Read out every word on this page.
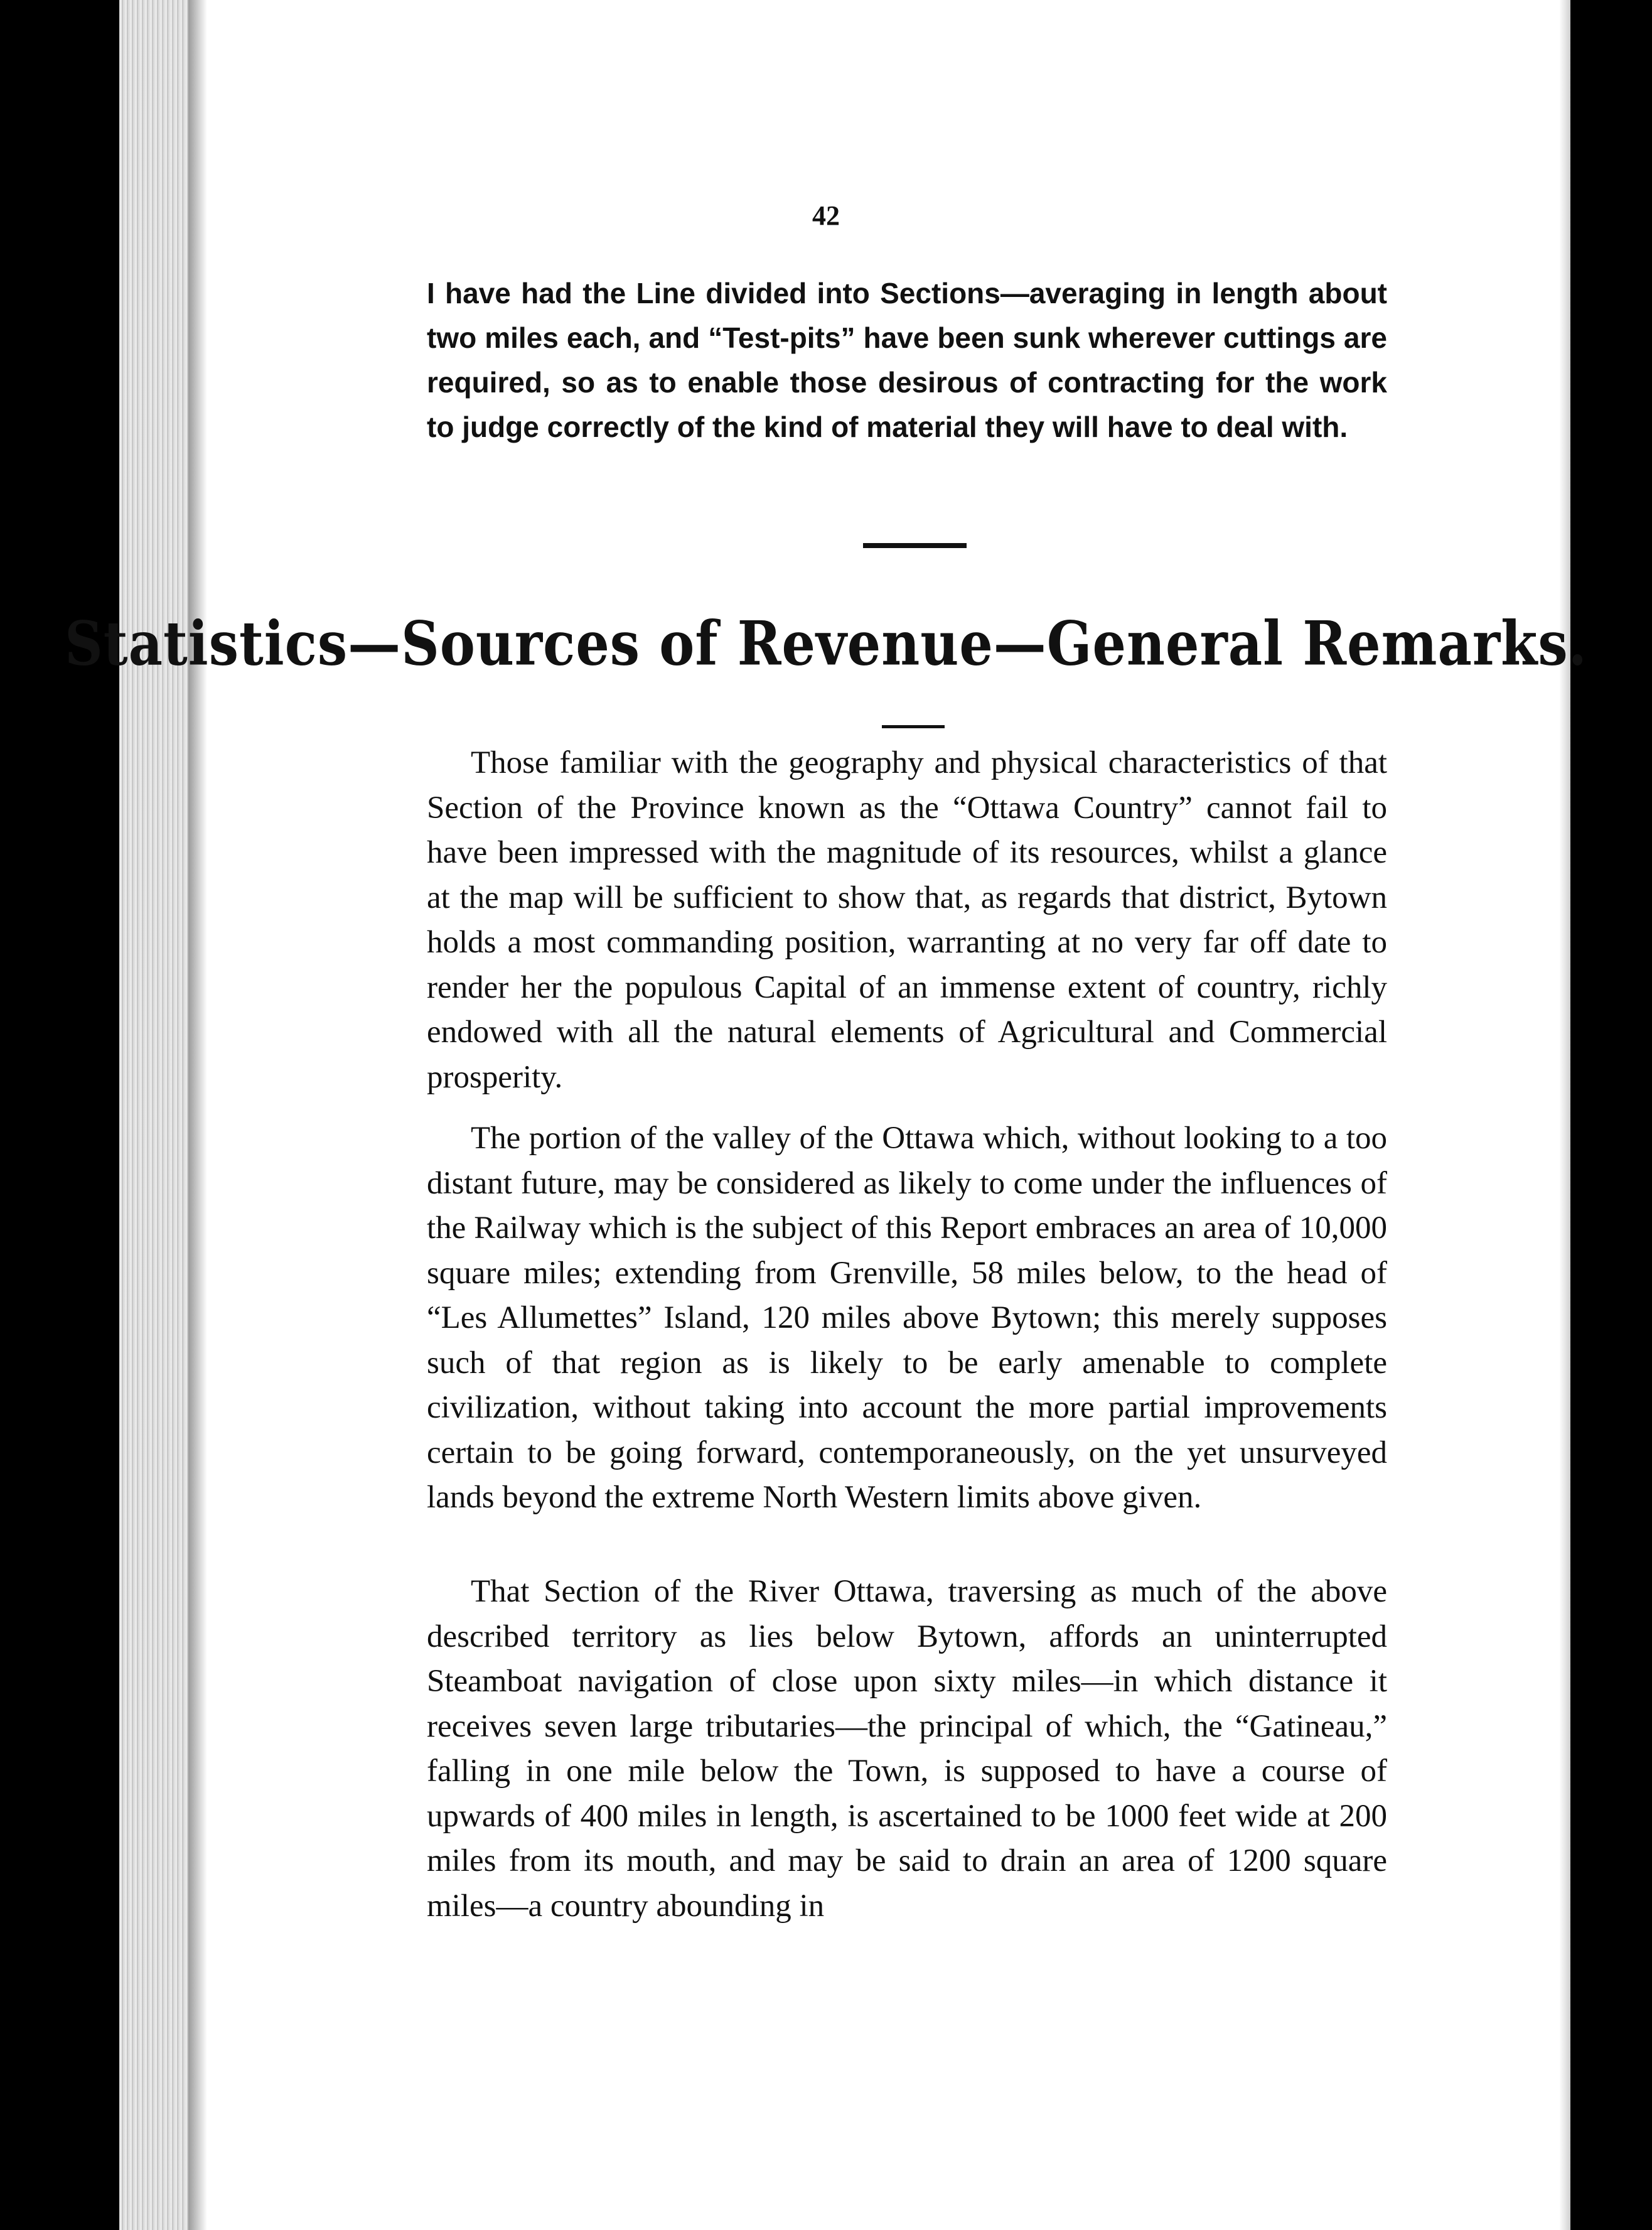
42

I have had the Line divided into Sections—averaging in length about two miles each, and “Test-pits” have been sunk wherever cuttings are required, so as to enable those desirous of contracting for the work to judge correctly of the kind of material they will have to deal with.

Statistics—Sources of Revenue—General Remarks.

Those familiar with the geography and physical characteristics of that Section of the Province known as the “Ottawa Country” cannot fail to have been impressed with the magnitude of its resources, whilst a glance at the map will be sufficient to show that, as regards that district, Bytown holds a most commanding position, warranting at no very far off date to render her the populous Capital of an immense extent of country, richly endowed with all the natural elements of Agricultural and Commercial prosperity.

The portion of the valley of the Ottawa which, without looking to a too distant future, may be considered as likely to come under the influences of the Railway which is the subject of this Report embraces an area of 10,000 square miles; extending from Grenville, 58 miles below, to the head of “Les Allumettes” Island, 120 miles above Bytown; this merely supposes such of that region as is likely to be early amenable to complete civilization, without taking into account the more partial improvements certain to be going forward, contemporaneously, on the yet unsurveyed lands beyond the extreme North Western limits above given.

That Section of the River Ottawa, traversing as much of the above described territory as lies below Bytown, affords an uninterrupted Steamboat navigation of close upon sixty miles—in which distance it receives seven large tributaries—the principal of which, the “Gatineau,” falling in one mile below the Town, is supposed to have a course of upwards of 400 miles in length, is ascertained to be 1000 feet wide at 200 miles from its mouth, and may be said to drain an area of 1200 square miles—a country abounding in
